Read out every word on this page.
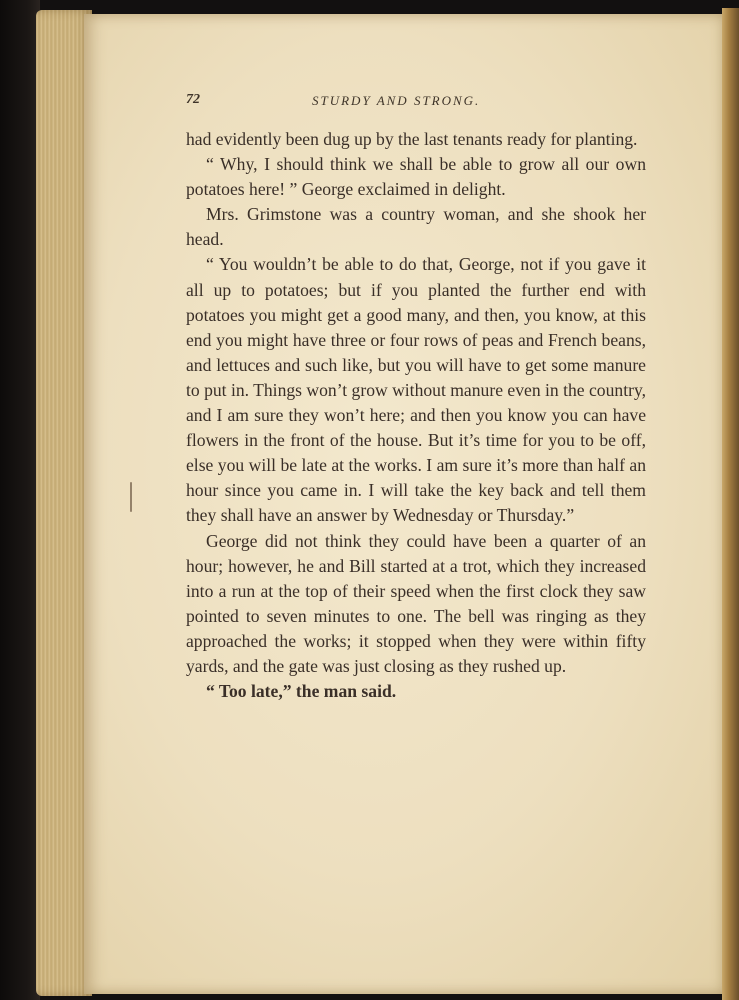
72	STURDY AND STRONG.

had evidently been dug up by the last tenants ready for planting.

“ Why, I should think we shall be able to grow all our own potatoes here! ” George exclaimed in delight.

Mrs. Grimstone was a country woman, and she shook her head.

“ You wouldn’t be able to do that, George, not if you gave it all up to potatoes; but if you planted the further end with potatoes you might get a good many, and then, you know, at this end you might have three or four rows of peas and French beans, and lettuces and such like, but you will have to get some manure to put in. Things won’t grow without manure even in the country, and I am sure they won’t here; and then you know you can have flowers in the front of the house. But it’s time for you to be off, else you will be late at the works. I am sure it’s more than half an hour since you came in. I will take the key back and tell them they shall have an answer by Wednesday or Thursday.”

George did not think they could have been a quarter of an hour; however, he and Bill started at a trot, which they increased into a run at the top of their speed when the first clock they saw pointed to seven minutes to one. The bell was ringing as they approached the works; it stopped when they were within fifty yards, and the gate was just closing as they rushed up.

“ Too late,” the man said.
